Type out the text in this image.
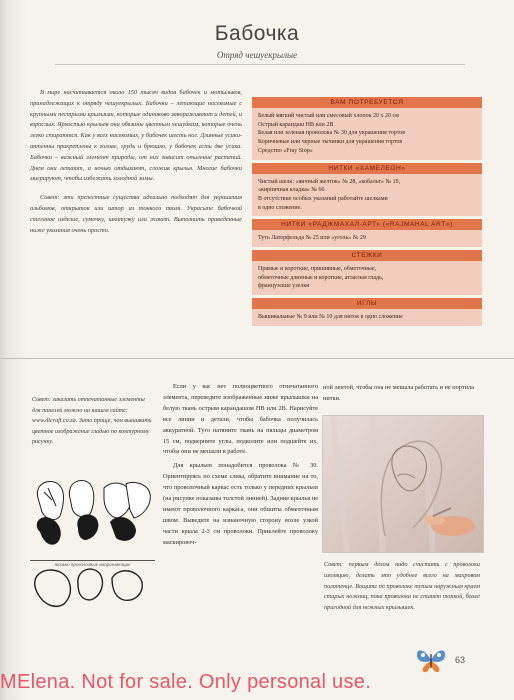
Бабочка
Отряд чешуекрылые

В мире насчитывается около 150 тысяч видов бабочек и мотыльков, принадлежащих к отряду чешуекрылых. Бабочки – летающие насекомые с крупными пестрыми крыльями, которые одинаково завораживают и детей, и взрослых. Яркостью крыльев они обязаны цветным чешуйкам, которые очень легко стираются. Как у всех насекомых, у бабочек шесть ног. Длинные усики-антенны прикреплены к голове, грудь и брюшко, у бабочек есть две усика. Бабочки – важный элемент природы, от них зависит опыление растений. Днем они летают, а ночью отдыхают, сложив крылья. Многие бабочки мигрируют, чтобы избежать холодной зимы.

Совет: эти прелестные существа идеально подходят для украшения альбомов, открыток или штор из тонкого тюля. Украсьте бабочкой стеганое изделие, сумочку, шкатулку или жакет. Выполнить приведенные ниже указания очень просто.

ВАМ ПОТРЕБУЕТСЯ
Белый мягкий чистый или смесовый хлопок 20 х 20 см
Острый карандаш НВ или 2В
Белая или зеленая проволока № 30 для украшения тортов
Коричневые или черные тычинки для украшения тортов
Средство «Fray Stop»
НИТКИ «ХАМЕЛЕОН»
Чистый шелк: «яичный желток» № 28, «кобальт» № 19,
«кирпичная кладка» № 66
В отсутствие особых указаний работайте шелками
в одно сложение.
НИТКИ «РАДЖМАХАЛ-АРТ» («RAJMAHAL ART»)
Туть Латерфельда № 25 или «уголь» № 29
СТЕЖКИ
Прямые и короткие, пришивные, обметочные,
обметочные длинные и короткие, атласная гладь,
французские узелки
ИГЛЫ
Вышивальные № 9 или № 10 для ниток в одно сложение
Совет: заказать отпечатанные элементы для панелей можно на нашем сайте: www.dicraft.co.za. Зато проще, чем вышивать цветное изображение гладью по контурному рисунку.
только проволочные направляющие

Если у вас нет полноцветного отпечатанного элемента, переведите изображенные ниже крылышки на белую ткань острым карандашом НВ или 2В. Нарисуйте все линии и детали, чтобы бабочка получилась аккуратной. Туго натяните ткань на пяльцы диаметром 15 см, подверните углы, подколите или подшейте их, чтобы они не мешали в работе.

Для крыльев понадобится проволока № 30. Ориентируясь по схеме слева, обратите внимание на то, что проволочный каркас есть только у передних крыльев (на рисунке показаны толстой линией). Задние крылья не имеют проволочного каркаса, они обшиты обметочным швом. Выведите на изнаночную сторону возле узкой части крыла 2-3 см проволоки. Приклейте проволоку маскировоч-

ной лентой, чтобы она не мешала работать и не портила нитки.
Совет: первым делом надо счистить с проволоки изоляцию, делать это удобнее всего на махровом полотенце. Вощите по проволоке тупым наружным краем старых ножниц, пока проволока не станет тонкой, более пригодной для нежных крылышек.
63
MElena. Not for sale. Only personal use.
